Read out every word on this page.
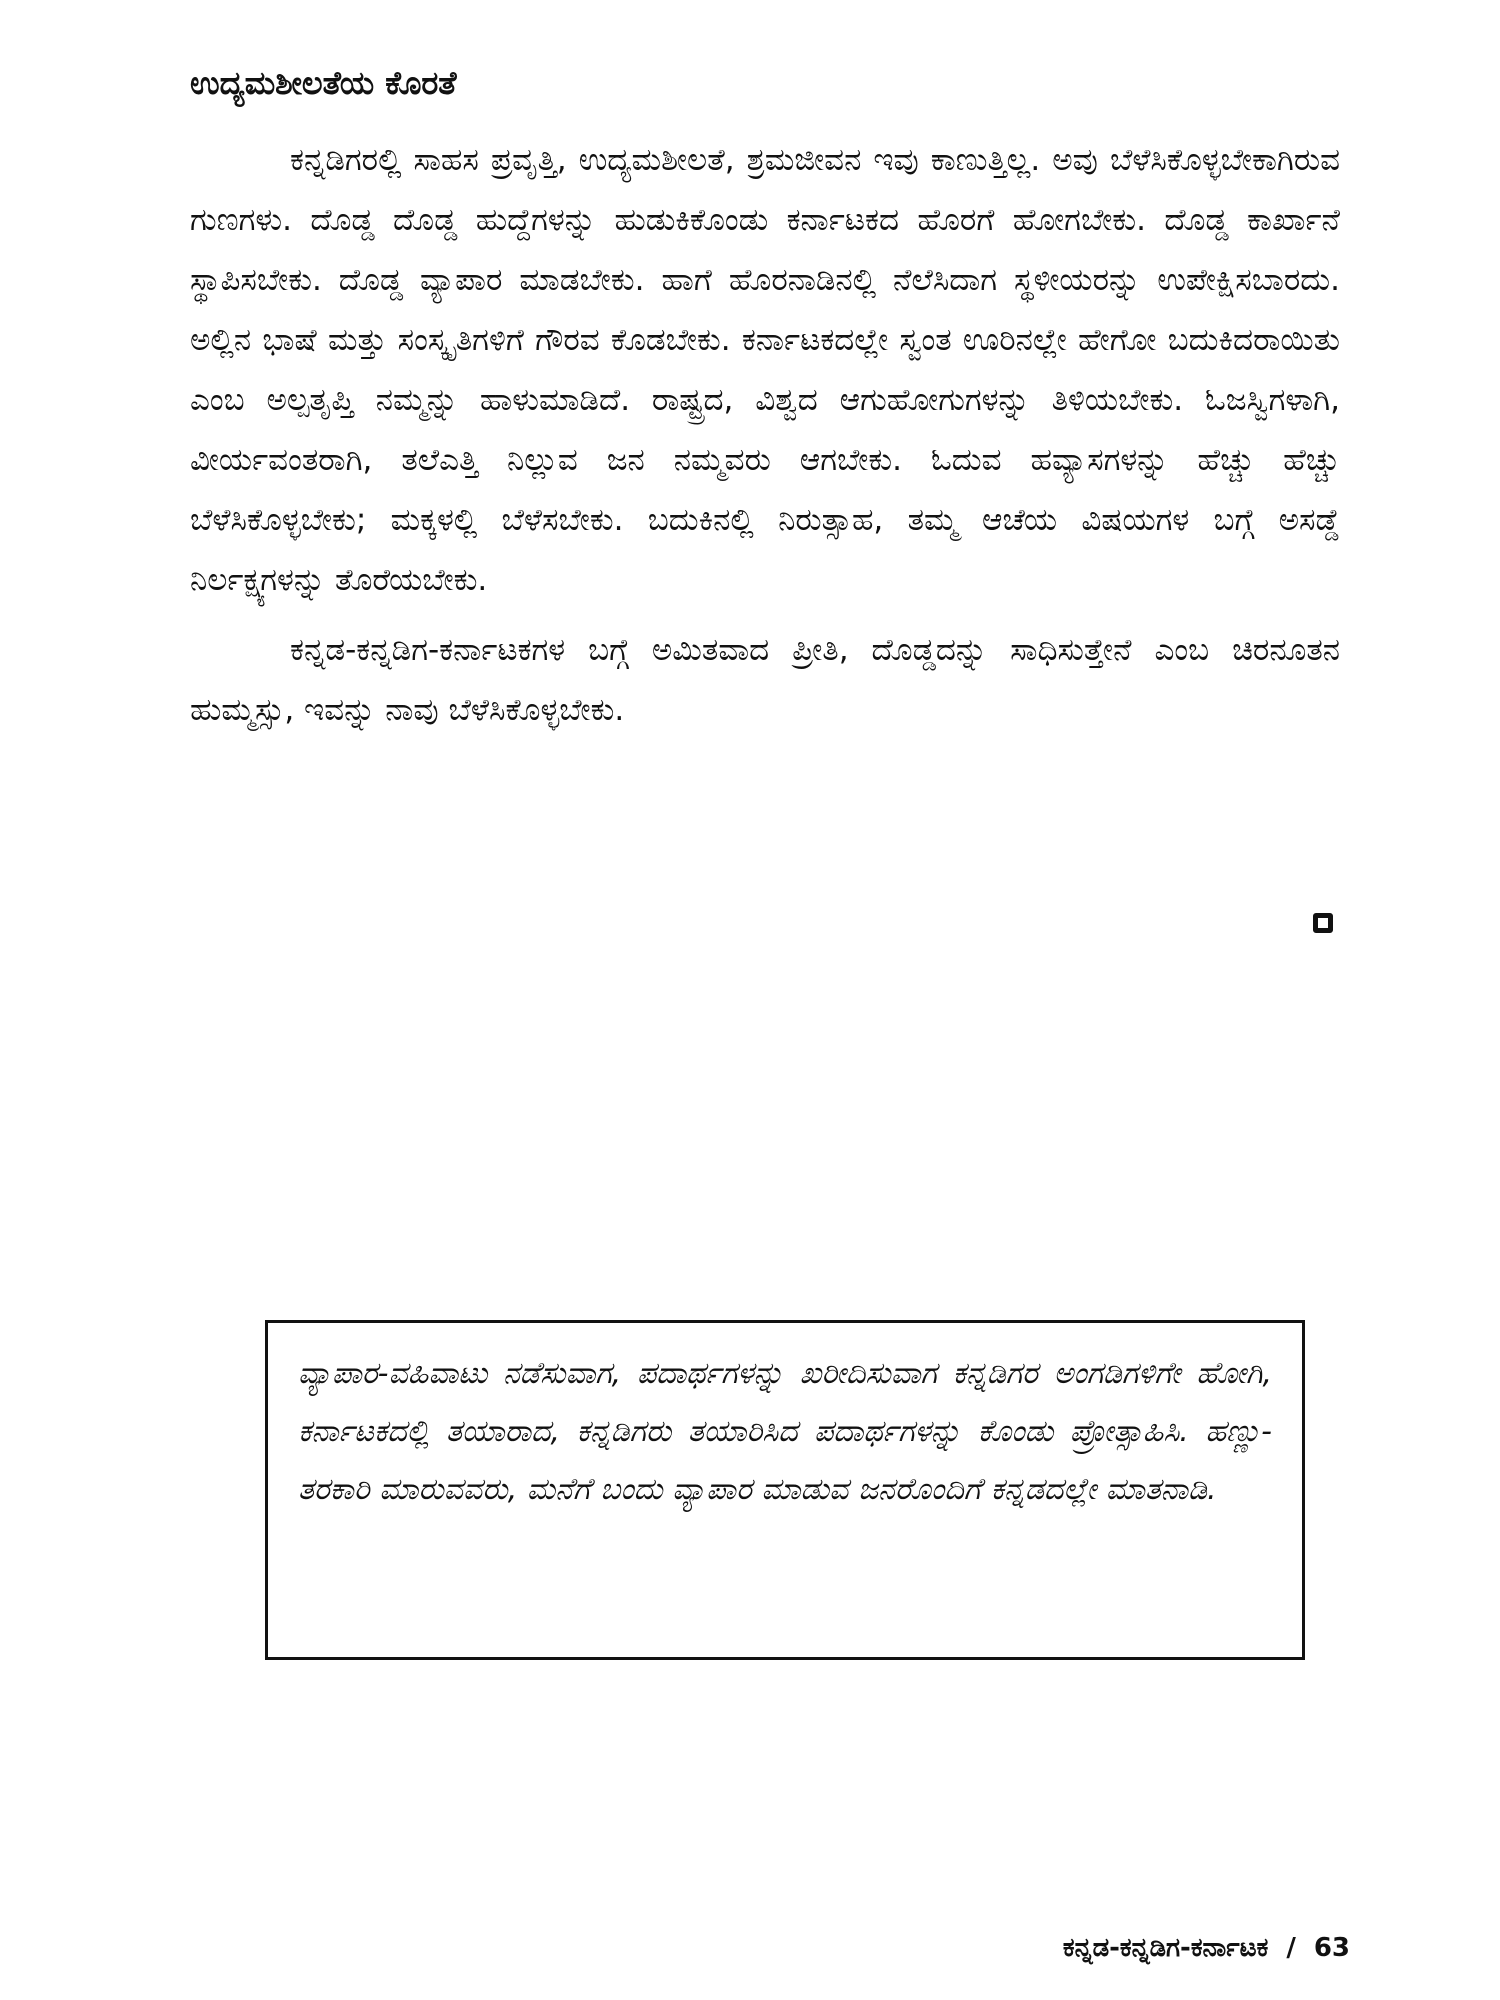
ಉದ್ಯಮಶೀಲತೆಯ ಕೊರತೆ

ಕನ್ನಡಿಗರಲ್ಲಿ ಸಾಹಸ ಪ್ರವೃತ್ತಿ, ಉದ್ಯಮಶೀಲತೆ, ಶ್ರಮಜೀವನ ಇವು ಕಾಣುತ್ತಿಲ್ಲ. ಅವು ಬೆಳೆಸಿಕೊಳ್ಳಬೇಕಾಗಿರುವ ಗುಣಗಳು. ದೊಡ್ಡ ದೊಡ್ಡ ಹುದ್ದೆಗಳನ್ನು ಹುಡುಕಿಕೊಂಡು ಕರ್ನಾಟಕದ ಹೊರಗೆ ಹೋಗಬೇಕು. ದೊಡ್ಡ ಕಾರ್ಖಾನೆ ಸ್ಥಾಪಿಸಬೇಕು. ದೊಡ್ಡ ವ್ಯಾಪಾರ ಮಾಡಬೇಕು. ಹಾಗೆ ಹೊರನಾಡಿನಲ್ಲಿ ನೆಲೆಸಿದಾಗ ಸ್ಥಳೀಯರನ್ನು ಉಪೇಕ್ಷಿಸಬಾರದು. ಅಲ್ಲಿನ ಭಾಷೆ ಮತ್ತು ಸಂಸ್ಕೃತಿಗಳಿಗೆ ಗೌರವ ಕೊಡಬೇಕು. ಕರ್ನಾಟಕದಲ್ಲೇ ಸ್ವಂತ ಊರಿನಲ್ಲೇ ಹೇಗೋ ಬದುಕಿದರಾಯಿತು ಎಂಬ ಅಲ್ಪತೃಪ್ತಿ ನಮ್ಮನ್ನು ಹಾಳುಮಾಡಿದೆ. ರಾಷ್ಟ್ರದ, ವಿಶ್ವದ ಆಗುಹೋಗುಗಳನ್ನು ತಿಳಿಯಬೇಕು. ಓಜಸ್ವಿಗಳಾಗಿ, ವೀರ್ಯವಂತರಾಗಿ, ತಲೆಎತ್ತಿ ನಿಲ್ಲುವ ಜನ ನಮ್ಮವರು ಆಗಬೇಕು. ಓದುವ ಹವ್ಯಾಸಗಳನ್ನು ಹೆಚ್ಚು ಹೆಚ್ಚು ಬೆಳೆಸಿಕೊಳ್ಳಬೇಕು; ಮಕ್ಕಳಲ್ಲಿ ಬೆಳೆಸಬೇಕು. ಬದುಕಿನಲ್ಲಿ ನಿರುತ್ಸಾಹ, ತಮ್ಮ ಆಚೆಯ ವಿಷಯಗಳ ಬಗ್ಗೆ ಅಸಡ್ಡೆ ನಿರ್ಲಕ್ಷ್ಯಗಳನ್ನು ತೊರೆಯಬೇಕು.

ಕನ್ನಡ-ಕನ್ನಡಿಗ-ಕರ್ನಾಟಕಗಳ ಬಗ್ಗೆ ಅಮಿತವಾದ ಪ್ರೀತಿ, ದೊಡ್ಡದನ್ನು ಸಾಧಿಸುತ್ತೇನೆ ಎಂಬ ಚಿರನೂತನ ಹುಮ್ಮಸ್ಸು, ಇವನ್ನು ನಾವು ಬೆಳೆಸಿಕೊಳ್ಳಬೇಕು.

ವ್ಯಾಪಾರ-ವಹಿವಾಟು ನಡೆಸುವಾಗ, ಪದಾರ್ಥಗಳನ್ನು ಖರೀದಿಸುವಾಗ ಕನ್ನಡಿಗರ ಅಂಗಡಿಗಳಿಗೇ ಹೋಗಿ, ಕರ್ನಾಟಕದಲ್ಲಿ ತಯಾರಾದ, ಕನ್ನಡಿಗರು ತಯಾರಿಸಿದ ಪದಾರ್ಥಗಳನ್ನು ಕೊಂಡು ಪ್ರೋತ್ಸಾಹಿಸಿ. ಹಣ್ಣು-ತರಕಾರಿ ಮಾರುವವರು, ಮನೆಗೆ ಬಂದು ವ್ಯಾಪಾರ ಮಾಡುವ ಜನರೊಂದಿಗೆ ಕನ್ನಡದಲ್ಲೇ ಮಾತನಾಡಿ.

ಕನ್ನಡ-ಕನ್ನಡಿಗ-ಕರ್ನಾಟಕ / 63
